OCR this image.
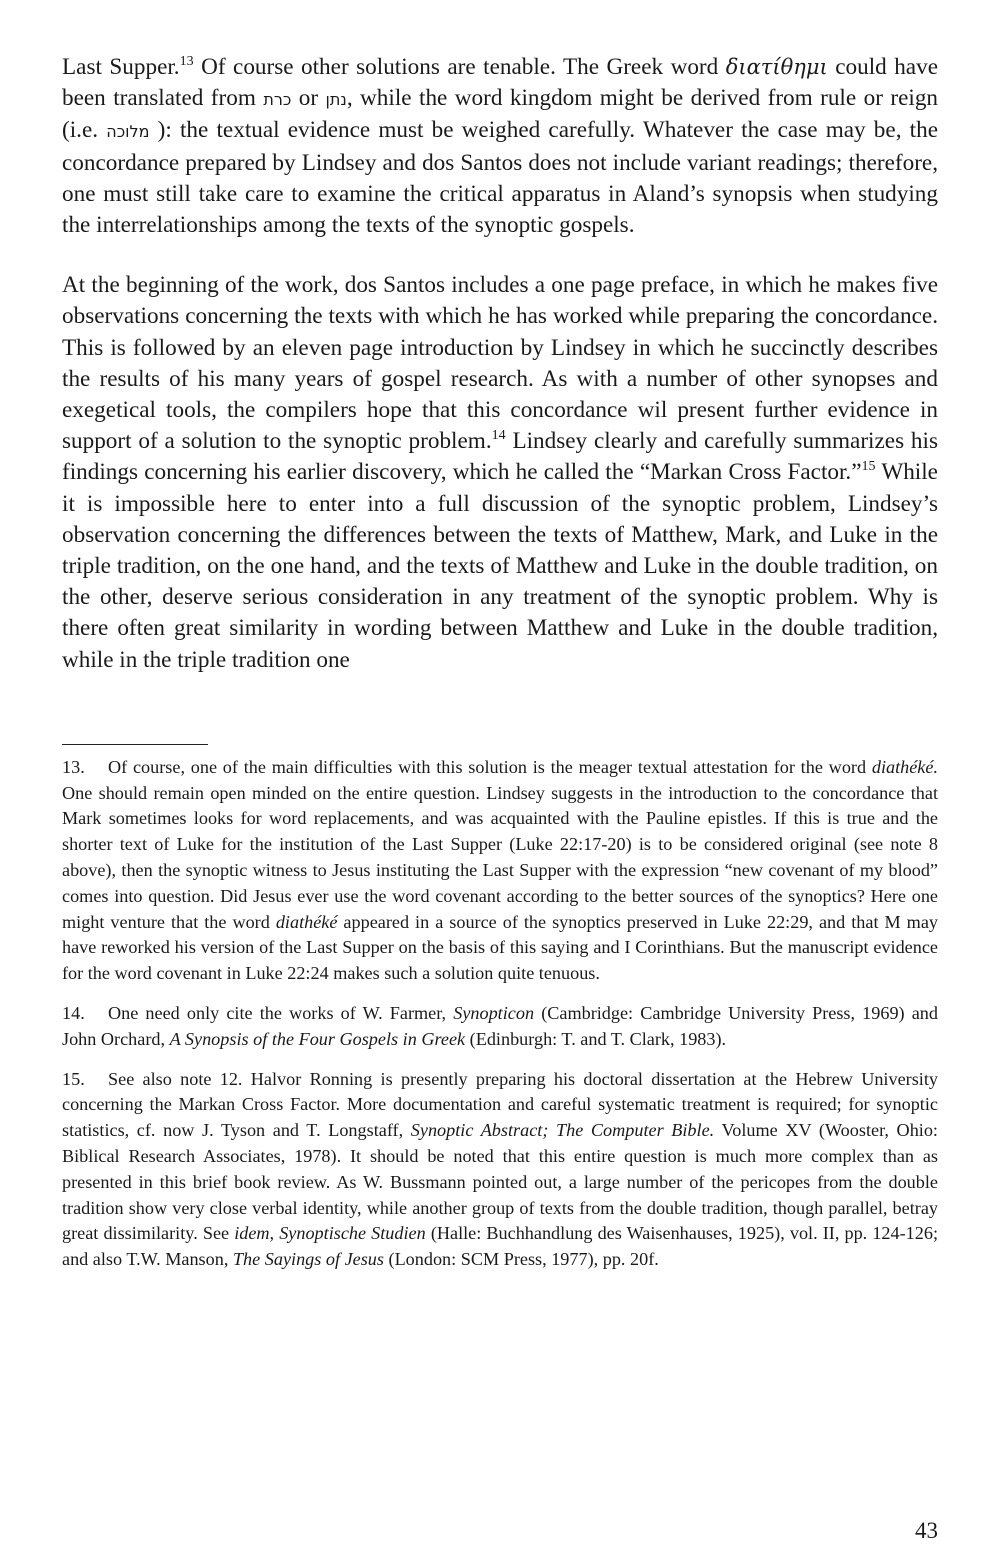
Last Supper.$^{13}$ Of course other solutions are tenable. The Greek word διατίθημι could have been translated from כרת or נתן, while the word kingdom might be derived from rule or reign (i.e. מלוכה ): the textual evidence must be weighed carefully. Whatever the case may be, the concordance prepared by Lindsey and dos Santos does not include variant readings; therefore, one must still take care to examine the critical apparatus in Aland’s synopsis when studying the interrelationships among the texts of the synoptic gospels.

At the beginning of the work, dos Santos includes a one page preface, in which he makes five observations concerning the texts with which he has worked while preparing the concordance. This is followed by an eleven page introduction by Lindsey in which he succinctly describes the results of his many years of gospel research. As with a number of other synopses and exegetical tools, the compilers hope that this concordance wil present further evidence in support of a solution to the synoptic problem.$^{14}$ Lindsey clearly and carefully summarizes his findings concerning his earlier discovery, which he called the “Markan Cross Factor.”$^{15}$ While it is impossible here to enter into a full discussion of the synoptic problem, Lindsey’s observation concerning the differences between the texts of Matthew, Mark, and Luke in the triple tradition, on the one hand, and the texts of Matthew and Luke in the double tradition, on the other, deserve serious consideration in any treatment of the synoptic problem. Why is there often great similarity in wording between Matthew and Luke in the double tradition, while in the triple tradition one

13. Of course, one of the main difficulties with this solution is the meager textual attestation for the word diathéké. One should remain open minded on the entire question. Lindsey suggests in the introduction to the concordance that Mark sometimes looks for word replacements, and was acquainted with the Pauline epistles. If this is true and the shorter text of Luke for the institution of the Last Supper (Luke 22:17-20) is to be considered original (see note 8 above), then the synoptic witness to Jesus instituting the Last Supper with the expression “new covenant of my blood” comes into question. Did Jesus ever use the word covenant according to the better sources of the synoptics? Here one might venture that the word diathéké appeared in a source of the synoptics preserved in Luke 22:29, and that M may have reworked his version of the Last Supper on the basis of this saying and I Corinthians. But the manuscript evidence for the word covenant in Luke 22:24 makes such a solution quite tenuous.

14. One need only cite the works of W. Farmer, Synopticon (Cambridge: Cambridge University Press, 1969) and John Orchard, A Synopsis of the Four Gospels in Greek (Edinburgh: T. and T. Clark, 1983).

15. See also note 12. Halvor Ronning is presently preparing his doctoral dissertation at the Hebrew University concerning the Markan Cross Factor. More documentation and careful systematic treatment is required; for synoptic statistics, cf. now J. Tyson and T. Longstaff, Synoptic Abstract; The Computer Bible. Volume XV (Wooster, Ohio: Biblical Research Associates, 1978). It should be noted that this entire question is much more complex than as presented in this brief book review. As W. Bussmann pointed out, a large number of the pericopes from the double tradition show very close verbal identity, while another group of texts from the double tradition, though parallel, betray great dissimilarity. See idem, Synoptische Studien (Halle: Buchhandlung des Waisenhauses, 1925), vol. II, pp. 124-126; and also T.W. Manson, The Sayings of Jesus (London: SCM Press, 1977), pp. 20f.

43
